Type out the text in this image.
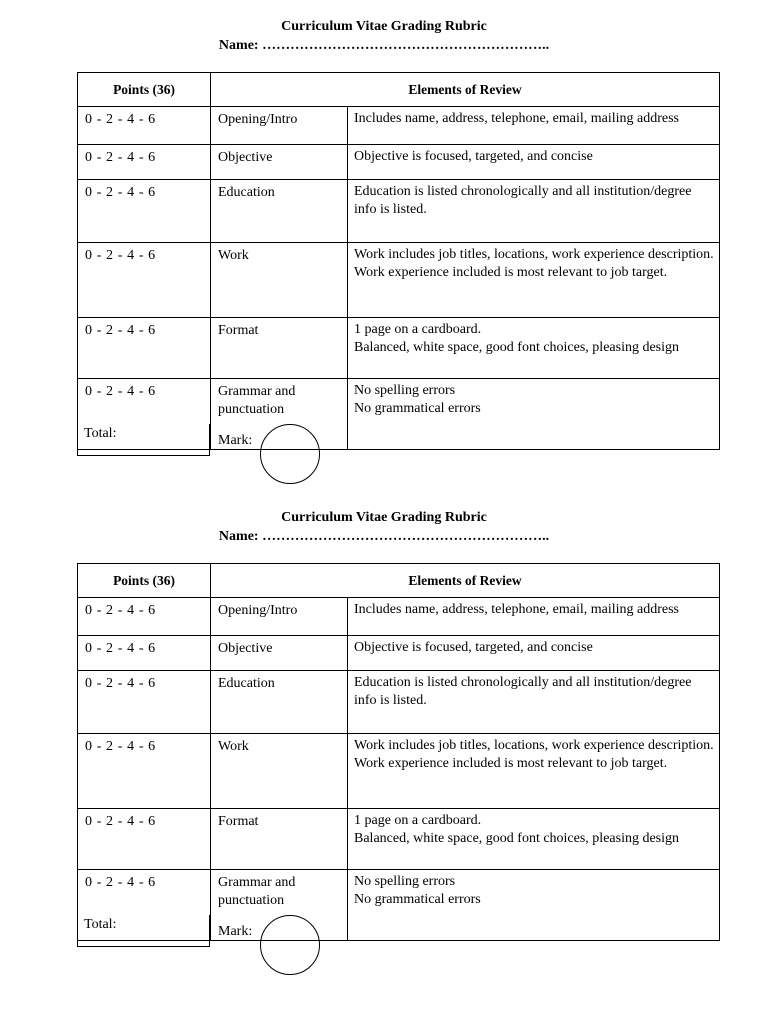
Curriculum Vitae Grading Rubric
Name: ……………………………………………………..
Points (36)	Elements of Review	
0 - 2 - 4 - 6	Opening/Intro	Includes name, address, telephone, email, mailing address

0 - 2 - 4 - 6	Objective	Objective is focused, targeted, and concise

0 - 2 - 4 - 6	Education	Education is listed chronologically and all institution/degree info is listed.

0 - 2 - 4 - 6	Work	Work includes job titles, locations, work experience description.
Work experience included is most relevant to job target.

0 - 2 - 4 - 6	Format	1 page on a cardboard.
Balanced, white space, good font choices, pleasing design

0 - 2 - 4 - 6	Grammar and punctuation	No spelling errors
No grammatical errors
Total:	Mark:
Curriculum Vitae Grading Rubric
Name: ……………………………………………………..
Points (36)	Elements of Review	
0 - 2 - 4 - 6	Opening/Intro	Includes name, address, telephone, email, mailing address

0 - 2 - 4 - 6	Objective	Objective is focused, targeted, and concise

0 - 2 - 4 - 6	Education	Education is listed chronologically and all institution/degree info is listed.

0 - 2 - 4 - 6	Work	Work includes job titles, locations, work experience description.
Work experience included is most relevant to job target.

0 - 2 - 4 - 6	Format	1 page on a cardboard.
Balanced, white space, good font choices, pleasing design

0 - 2 - 4 - 6	Grammar and punctuation	No spelling errors
No grammatical errors
Total:	Mark:
